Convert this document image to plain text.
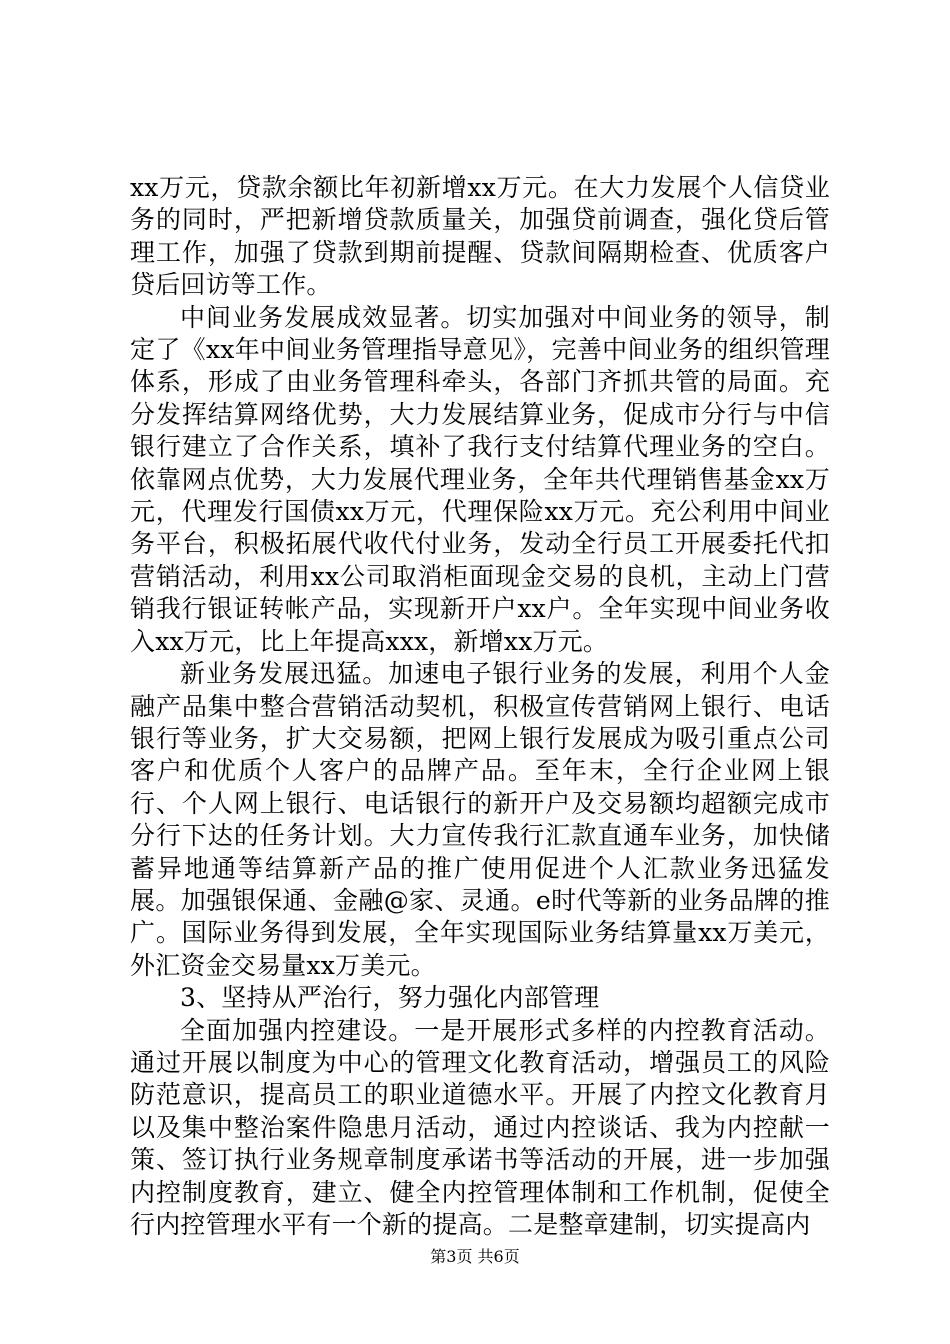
xx万元，贷款余额比年初新增xx万元。在大力发展个人信贷业务的同时，严把新增贷款质量关，加强贷前调查，强化贷后管理工作，加强了贷款到期前提醒、贷款间隔期检查、优质客户贷后回访等工作。

中间业务发展成效显著。切实加强对中间业务的领导，制定了《xx年中间业务管理指导意见》，完善中间业务的组织管理体系，形成了由业务管理科牵头，各部门齐抓共管的局面。充分发挥结算网络优势，大力发展结算业务，促成市分行与中信银行建立了合作关系，填补了我行支付结算代理业务的空白。依靠网点优势，大力发展代理业务，全年共代理销售基金xx万元，代理发行国债xx万元，代理保险xx万元。充公利用中间业务平台，积极拓展代收代付业务，发动全行员工开展委托代扣营销活动，利用xx公司取消柜面现金交易的良机，主动上门营销我行银证转帐产品，实现新开户xx户。全年实现中间业务收入xx万元，比上年提高xxx，新增xx万元。

新业务发展迅猛。加速电子银行业务的发展，利用个人金融产品集中整合营销活动契机，积极宣传营销网上银行、电话银行等业务，扩大交易额，把网上银行发展成为吸引重点公司客户和优质个人客户的品牌产品。至年末，全行企业网上银行、个人网上银行、电话银行的新开户及交易额均超额完成市分行下达的任务计划。大力宣传我行汇款直通车业务，加快储蓄异地通等结算新产品的推广使用促进个人汇款业务迅猛发展。加强银保通、金融@家、灵通。e时代等新的业务品牌的推广。国际业务得到发展，全年实现国际业务结算量xx万美元，外汇资金交易量xx万美元。

3、坚持从严治行，努力强化内部管理

全面加强内控建设。一是开展形式多样的内控教育活动。通过开展以制度为中心的管理文化教育活动，增强员工的风险防范意识，提高员工的职业道德水平。开展了内控文化教育月以及集中整治案件隐患月活动，通过内控谈话、我为内控献一策、签订执行业务规章制度承诺书等活动的开展，进一步加强内控制度教育，建立、健全内控管理体制和工作机制，促使全行内控管理水平有一个新的提高。二是整章建制，切实提高内

第3页 共6页
